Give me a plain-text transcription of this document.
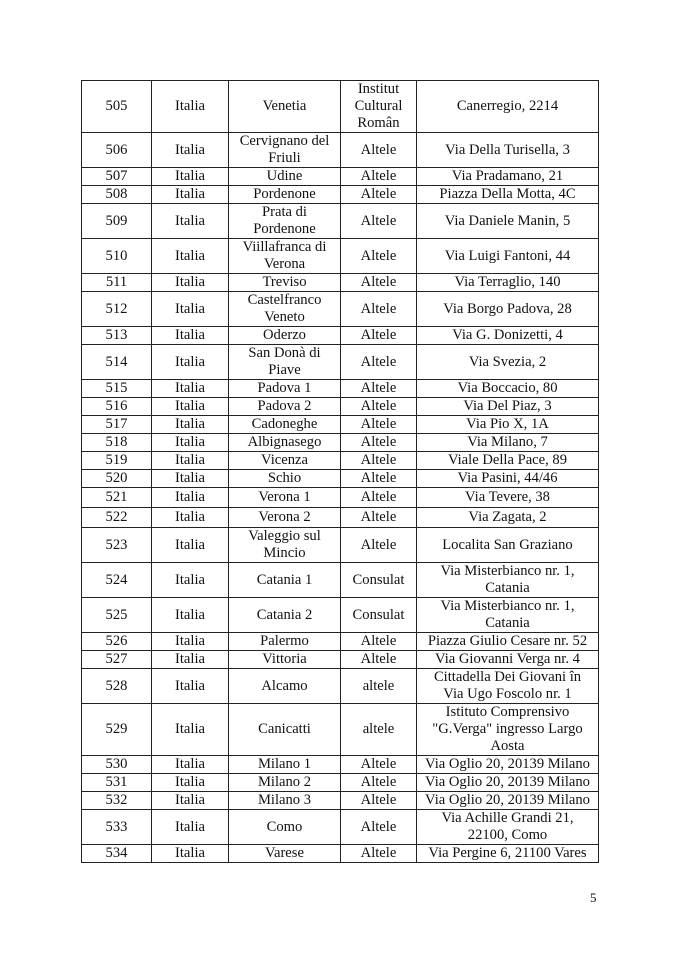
505	Italia	Venetia	Institut
Cultural
Român	Canerregio, 2214
506	Italia	Cervignano del
Friuli	Altele	Via Della Turisella, 3
507	Italia	Udine	Altele	Via Pradamano, 21
508	Italia	Pordenone	Altele	Piazza Della Motta, 4C
509	Italia	Prata di
Pordenone	Altele	Via Daniele Manin, 5
510	Italia	Viillafranca di
Verona	Altele	Via Luigi Fantoni, 44
511	Italia	Treviso	Altele	Via Terraglio, 140
512	Italia	Castelfranco
Veneto	Altele	Via Borgo Padova, 28
513	Italia	Oderzo	Altele	Via G. Donizetti, 4
514	Italia	San Donà di
Piave	Altele	Via Svezia, 2
515	Italia	Padova 1	Altele	Via Boccacio, 80
516	Italia	Padova 2	Altele	Via Del Piaz, 3
517	Italia	Cadoneghe	Altele	Via Pio X, 1A
518	Italia	Albignasego	Altele	Via Milano, 7
519	Italia	Vicenza	Altele	Viale Della Pace, 89
520	Italia	Schio	Altele	Via Pasini, 44/46
521	Italia	Verona 1	Altele	Via Tevere, 38
522	Italia	Verona 2	Altele	Via Zagata, 2
523	Italia	Valeggio sul
Mincio	Altele	Localita San Graziano
524	Italia	Catania 1	Consulat	Via Misterbianco nr. 1,
Catania
525	Italia	Catania 2	Consulat	Via Misterbianco nr. 1,
Catania
526	Italia	Palermo	Altele	Piazza Giulio Cesare nr. 52
527	Italia	Vittoria	Altele	Via Giovanni Verga nr. 4
528	Italia	Alcamo	altele	Cittadella Dei Giovani în
Via Ugo Foscolo nr. 1
529	Italia	Canicatti	altele	Istituto Comprensivo
"G.Verga" ingresso Largo
Aosta
530	Italia	Milano 1	Altele	Via Oglio 20, 20139 Milano
531	Italia	Milano 2	Altele	Via Oglio 20, 20139 Milano
532	Italia	Milano 3	Altele	Via Oglio 20, 20139 Milano
533	Italia	Como	Altele	Via Achille Grandi 21,
22100, Como
534	Italia	Varese	Altele	Via Pergine 6, 21100 Vares
5
